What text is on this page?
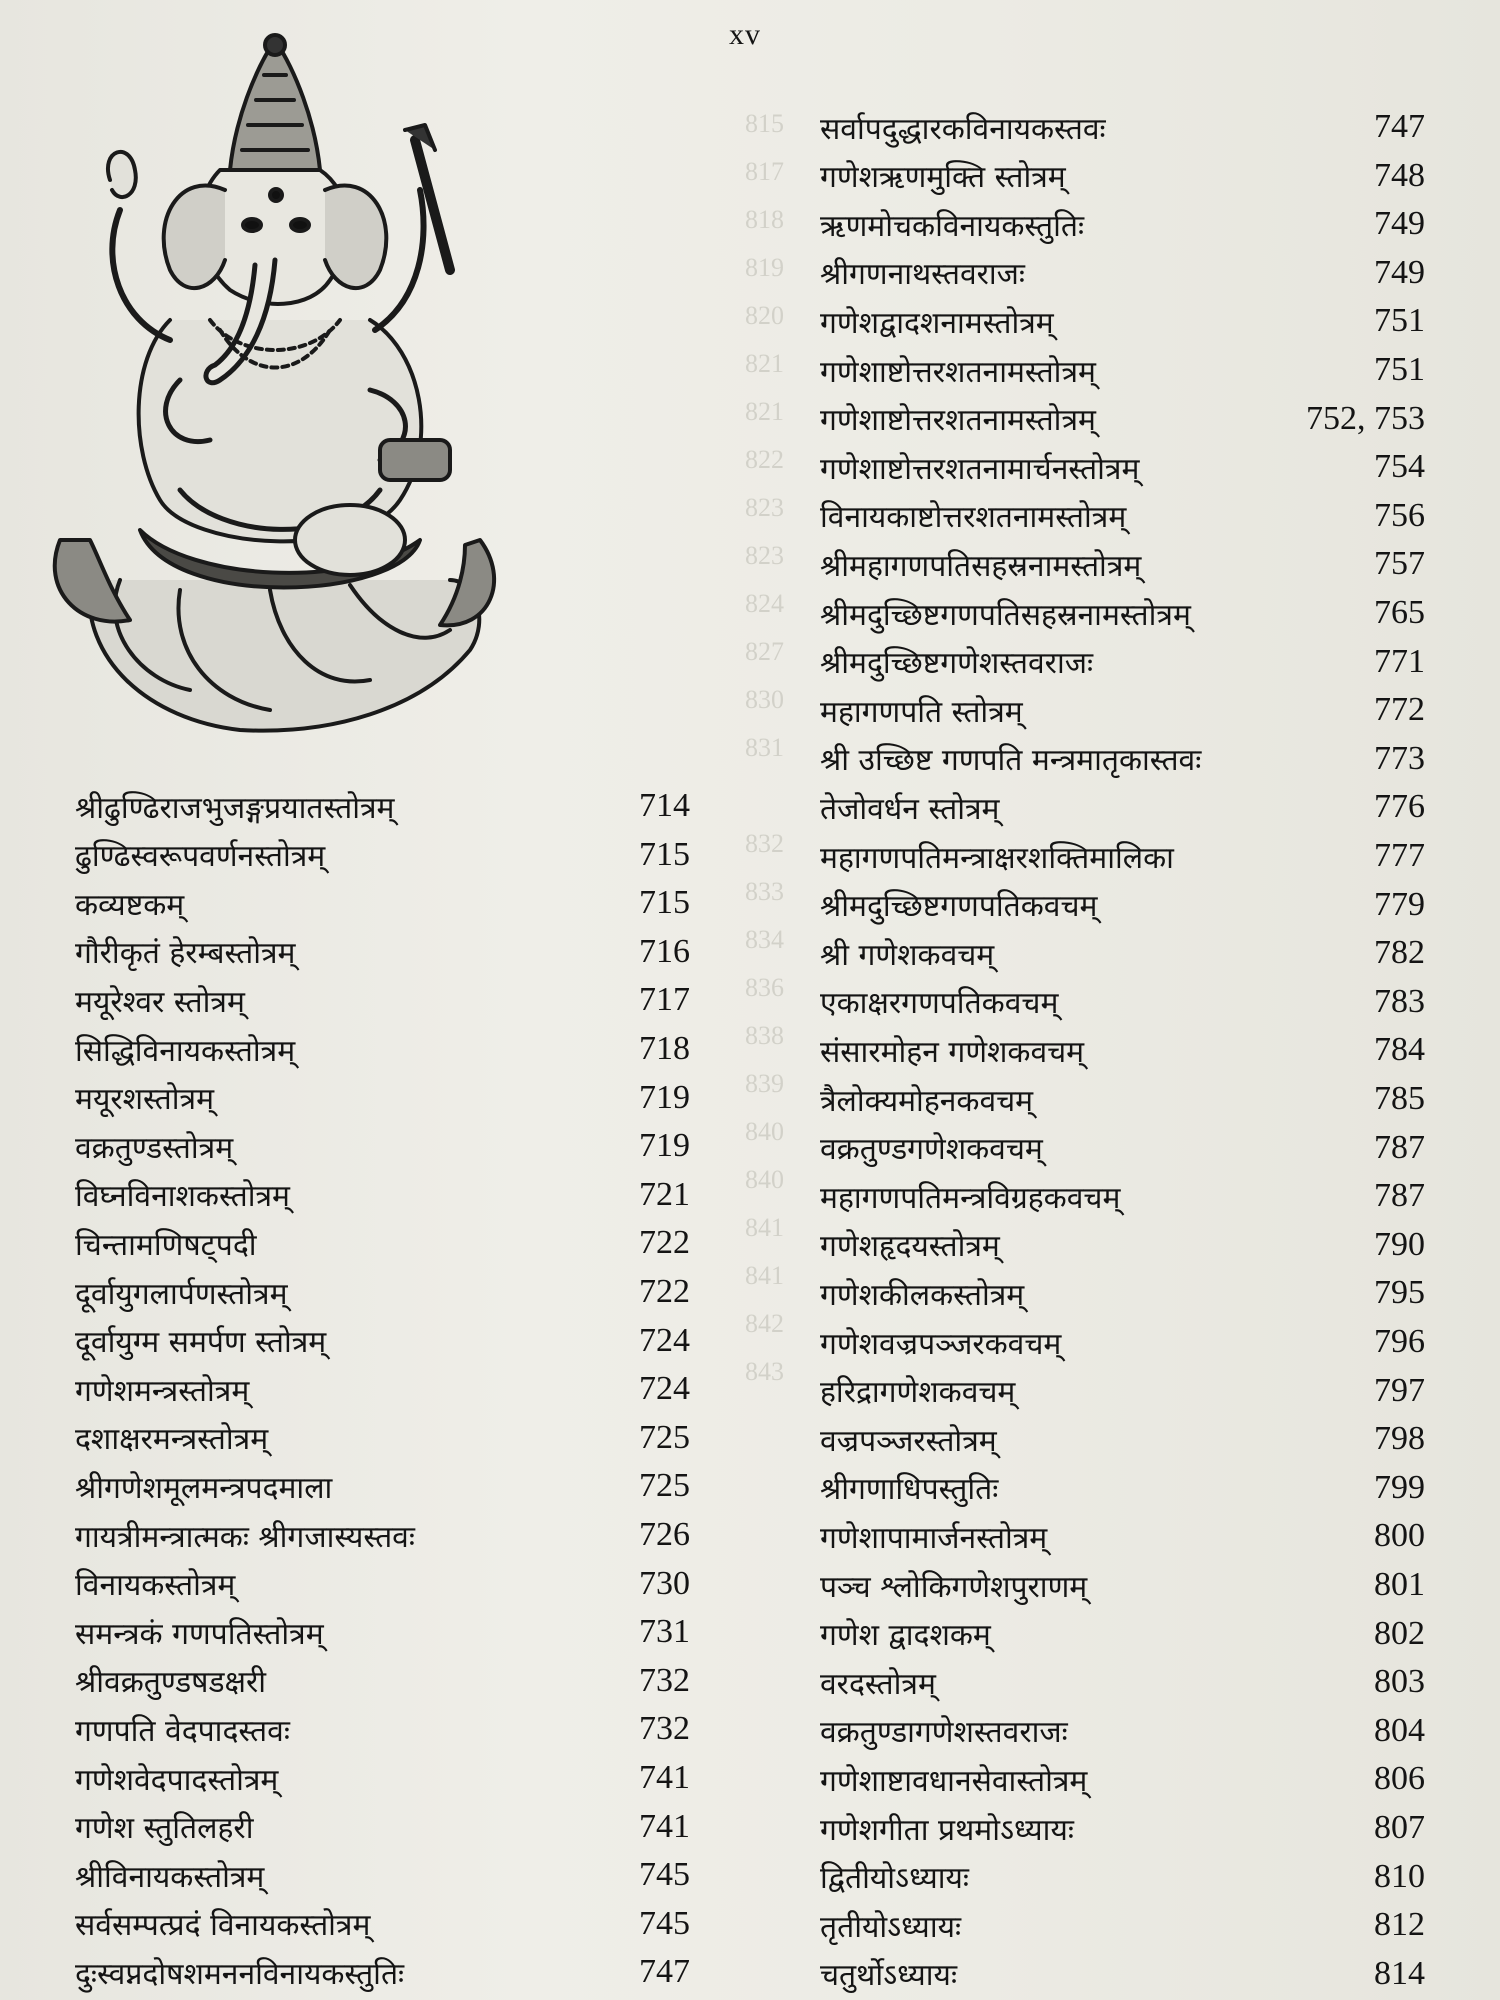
815
817
818
819
820
821
821
822
823
823
824
827
830
831
832
833
834
836
838
839
840
840
841
841
842
843
xv
श्रीढुण्ढिराजभुजङ्गप्रयातस्तोत्रम्	714
ढुण्ढिस्वरूपवर्णनस्तोत्रम्	715
कव्यष्टकम्	715
गौरीकृतं हेरम्बस्तोत्रम्	716
मयूरेश्वर स्तोत्रम्	717
सिद्धिविनायकस्तोत्रम्	718
मयूरशस्तोत्रम्	719
वक्रतुण्डस्तोत्रम्	719
विघ्नविनाशकस्तोत्रम्	721
चिन्तामणिषट्पदी	722
दूर्वायुगलार्पणस्तोत्रम्	722
दूर्वायुग्म समर्पण स्तोत्रम्	724
गणेशमन्त्रस्तोत्रम्	724
दशाक्षरमन्त्रस्तोत्रम्	725
श्रीगणेशमूलमन्त्रपदमाला	725
गायत्रीमन्त्रात्मकः श्रीगजास्यस्तवः	726
विनायकस्तोत्रम्	730
समन्त्रकं गणपतिस्तोत्रम्	731
श्रीवक्रतुण्डषडक्षरी	732
गणपति वेदपादस्तवः	732
गणेशवेदपादस्तोत्रम्	741
गणेश स्तुतिलहरी	741
श्रीविनायकस्तोत्रम्	745
सर्वसम्पत्प्रदं विनायकस्तोत्रम्	745
दुःस्वप्नदोषशमननविनायकस्तुतिः	747
सर्वापदुद्धारकविनायकस्तवः	747
गणेशऋणमुक्ति स्तोत्रम्	748
ऋणमोचकविनायकस्तुतिः	749
श्रीगणनाथस्तवराजः	749
गणेशद्वादशनामस्तोत्रम्	751
गणेशाष्टोत्तरशतनामस्तोत्रम्	751
गणेशाष्टोत्तरशतनामस्तोत्रम्	752, 753
गणेशाष्टोत्तरशतनामार्चनस्तोत्रम्	754
विनायकाष्टोत्तरशतनामस्तोत्रम्	756
श्रीमहागणपतिसहस्रनामस्तोत्रम्	757
श्रीमदुच्छिष्टगणपतिसहस्रनामस्तोत्रम्	765
श्रीमदुच्छिष्टगणेशस्तवराजः	771
महागणपति स्तोत्रम्	772
श्री उच्छिष्ट गणपति मन्त्रमातृकास्तवः	773
तेजोवर्धन स्तोत्रम्	776
महागणपतिमन्त्राक्षरशक्तिमालिका	777
श्रीमदुच्छिष्टगणपतिकवचम्	779
श्री गणेशकवचम्	782
एकाक्षरगणपतिकवचम्	783
संसारमोहन गणेशकवचम्	784
त्रैलोक्यमोहनकवचम्	785
वक्रतुण्डगणेशकवचम्	787
महागणपतिमन्त्रविग्रहकवचम्	787
गणेशहृदयस्तोत्रम्	790
गणेशकीलकस्तोत्रम्	795
गणेशवज्रपञ्जरकवचम्	796
हरिद्रागणेशकवचम्	797
वज्रपञ्जरस्तोत्रम्	798
श्रीगणाधिपस्तुतिः	799
गणेशापामार्जनस्तोत्रम्	800
पञ्च श्लोकिगणेशपुराणम्	801
गणेश द्वादशकम्	802
वरदस्तोत्रम्	803
वक्रतुण्डागणेशस्तवराजः	804
गणेशाष्टावधानसेवास्तोत्रम्	806
गणेशगीता प्रथमोऽध्यायः	807
द्वितीयोऽध्यायः	810
तृतीयोऽध्यायः	812
चतुर्थोऽध्यायः	814
